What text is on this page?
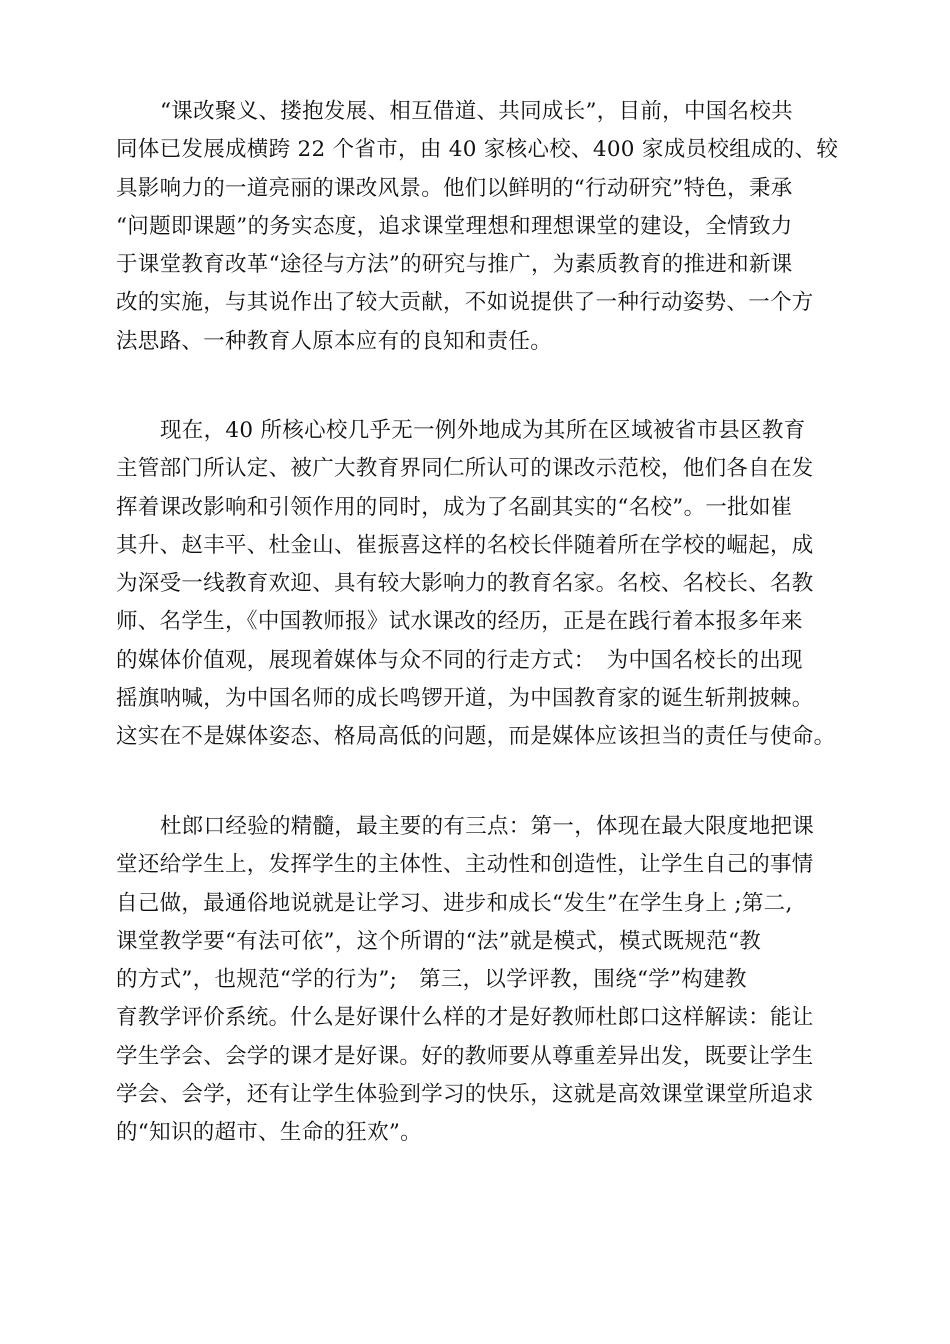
“课改聚义、搂抱发展、相互借道、共同成长”，目前，中国名校共
同体已发展成横跨 22 个省市，由 40 家核心校、400 家成员校组成的、较
具影响力的一道亮丽的课改风景。他们以鲜明的“行动研究”特色，秉承
“问题即课题”的务实态度，追求课堂理想和理想课堂的建设，全情致力
于课堂教育改革“途径与方法”的研究与推广，为素质教育的推进和新课
改的实施，与其说作出了较大贡献，不如说提供了一种行动姿势、一个方
法思路、一种教育人原本应有的良知和责任。
现在，40 所核心校几乎无一例外地成为其所在区域被省市县区教育
主管部门所认定、被广大教育界同仁所认可的课改示范校，他们各自在发
挥着课改影响和引领作用的同时，成为了名副其实的“名校”。一批如崔
其升、赵丰平、杜金山、崔振喜这样的名校长伴随着所在学校的崛起，成
为深受一线教育欢迎、具有较大影响力的教育名家。名校、名校长、名教
师、名学生，《中国教师报》试水课改的经历，正是在践行着本报多年来
的媒体价值观，展现着媒体与众不同的行走方式：　为中国名校长的出现
摇旗呐喊，为中国名师的成长鸣锣开道，为中国教育家的诞生斩荆披棘。
这实在不是媒体姿态、格局高低的问题，而是媒体应该担当的责任与使命。
杜郎口经验的精髓，最主要的有三点：第一，体现在最大限度地把课
堂还给学生上，发挥学生的主体性、主动性和创造性，让学生自己的事情
自己做，最通俗地说就是让学习、进步和成长“发生”在学生身上 ;第二,
课堂教学要“有法可依”，这个所谓的“法”就是模式，模式既规范“教
的方式”，也规范“学的行为”;　第三，以学评教，围绕“学”构建教
育教学评价系统。什么是好课什么样的才是好教师杜郎口这样解读：能让
学生学会、会学的课才是好课。好的教师要从尊重差异出发，既要让学生
学会、会学，还有让学生体验到学习的快乐，这就是高效课堂课堂所追求
的“知识的超市、生命的狂欢”。
